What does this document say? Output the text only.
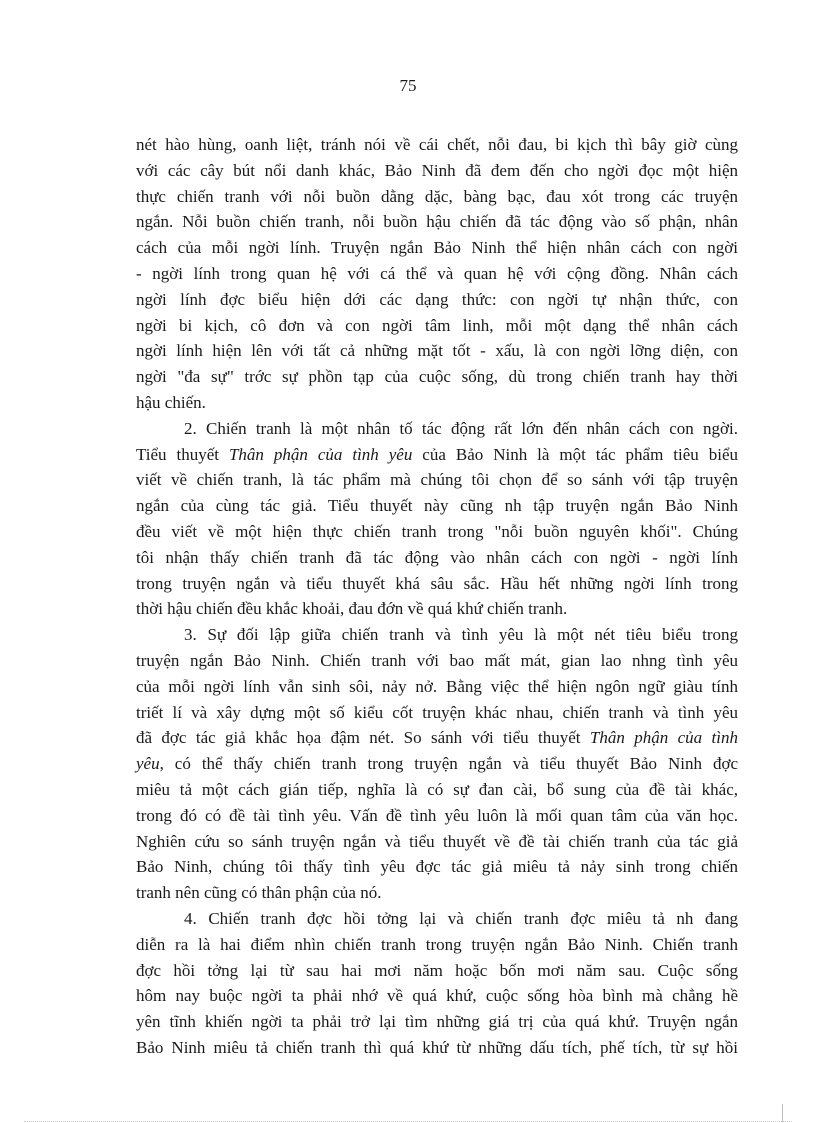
75

nét hào hùng, oanh liệt, tránh nói về cái chết, nỗi đau, bi kịch thì bây giờ cùng
với các cây bút nổi danh khác, Bảo Ninh đã đem đến cho ngời đọc một hiện
thực chiến tranh với nỗi buồn dằng dặc, bàng bạc, đau xót trong các truyện
ngắn. Nỗi buồn chiến tranh, nỗi buồn hậu chiến đã tác động vào số phận, nhân
cách của mỗi ngời lính. Truyện ngắn Bảo Ninh thể hiện nhân cách con ngời
- ngời lính trong quan hệ với cá thể và quan hệ với cộng đồng. Nhân cách
ngời lính đợc biểu hiện dới các dạng thức: con ngời tự nhận thức, con
ngời bi kịch, cô đơn và con ngời tâm linh, mỗi một dạng thể nhân cách
ngời lính hiện lên với tất cả những mặt tốt - xấu, là con ngời lỡng diện, con
ngời "đa sự" trớc sự phồn tạp của cuộc sống, dù trong chiến tranh hay thời
hậu chiến.

2. Chiến tranh là một nhân tố tác động rất lớn đến nhân cách con ngời.
Tiểu thuyết Thân phận của tình yêu của Bảo Ninh là một tác phẩm tiêu biểu
viết về chiến tranh, là tác phẩm mà chúng tôi chọn để so sánh với tập truyện
ngắn của cùng tác giả. Tiểu thuyết này cũng nh tập truyện ngắn Bảo Ninh
đều viết về một hiện thực chiến tranh trong "nỗi buồn nguyên khối". Chúng
tôi nhận thấy chiến tranh đã tác động vào nhân cách con ngời - ngời lính
trong truyện ngắn và tiểu thuyết khá sâu sắc. Hầu hết những ngời lính trong
thời hậu chiến đều khắc khoải, đau đớn về quá khứ chiến tranh.

3. Sự đối lập giữa chiến tranh và tình yêu là một nét tiêu biểu trong
truyện ngắn Bảo Ninh. Chiến tranh với bao mất mát, gian lao nhng tình yêu
của mỗi ngời lính vẫn sinh sôi, nảy nở. Bằng việc thể hiện ngôn ngữ giàu tính
triết lí và xây dựng một số kiểu cốt truyện khác nhau, chiến tranh và tình yêu
đã đợc tác giả khắc họa đậm nét. So sánh với tiểu thuyết Thân phận của tình
yêu, có thể thấy chiến tranh trong truyện ngắn và tiểu thuyết Bảo Ninh đợc
miêu tả một cách gián tiếp, nghĩa là có sự đan cài, bổ sung của đề tài khác,
trong đó có đề tài tình yêu. Vấn đề tình yêu luôn là mối quan tâm của văn học.
Nghiên cứu so sánh truyện ngắn và tiểu thuyết về đề tài chiến tranh của tác giả
Bảo Ninh, chúng tôi thấy tình yêu đợc tác giả miêu tả nảy sinh trong chiến
tranh nên cũng có thân phận của nó.

4. Chiến tranh đợc hồi tởng lại và chiến tranh đợc miêu tả nh đang
diễn ra là hai điểm nhìn chiến tranh trong truyện ngắn Bảo Ninh. Chiến tranh
đợc hồi tởng lại từ sau hai mơi năm hoặc bốn mơi năm sau. Cuộc sống
hôm nay buộc ngời ta phải nhớ về quá khứ, cuộc sống hòa bình mà chẳng hề
yên tĩnh khiến ngời ta phải trở lại tìm những giá trị của quá khứ. Truyện ngắn
Bảo Ninh miêu tả chiến tranh thì quá khứ từ những dấu tích, phế tích, từ sự hồi
